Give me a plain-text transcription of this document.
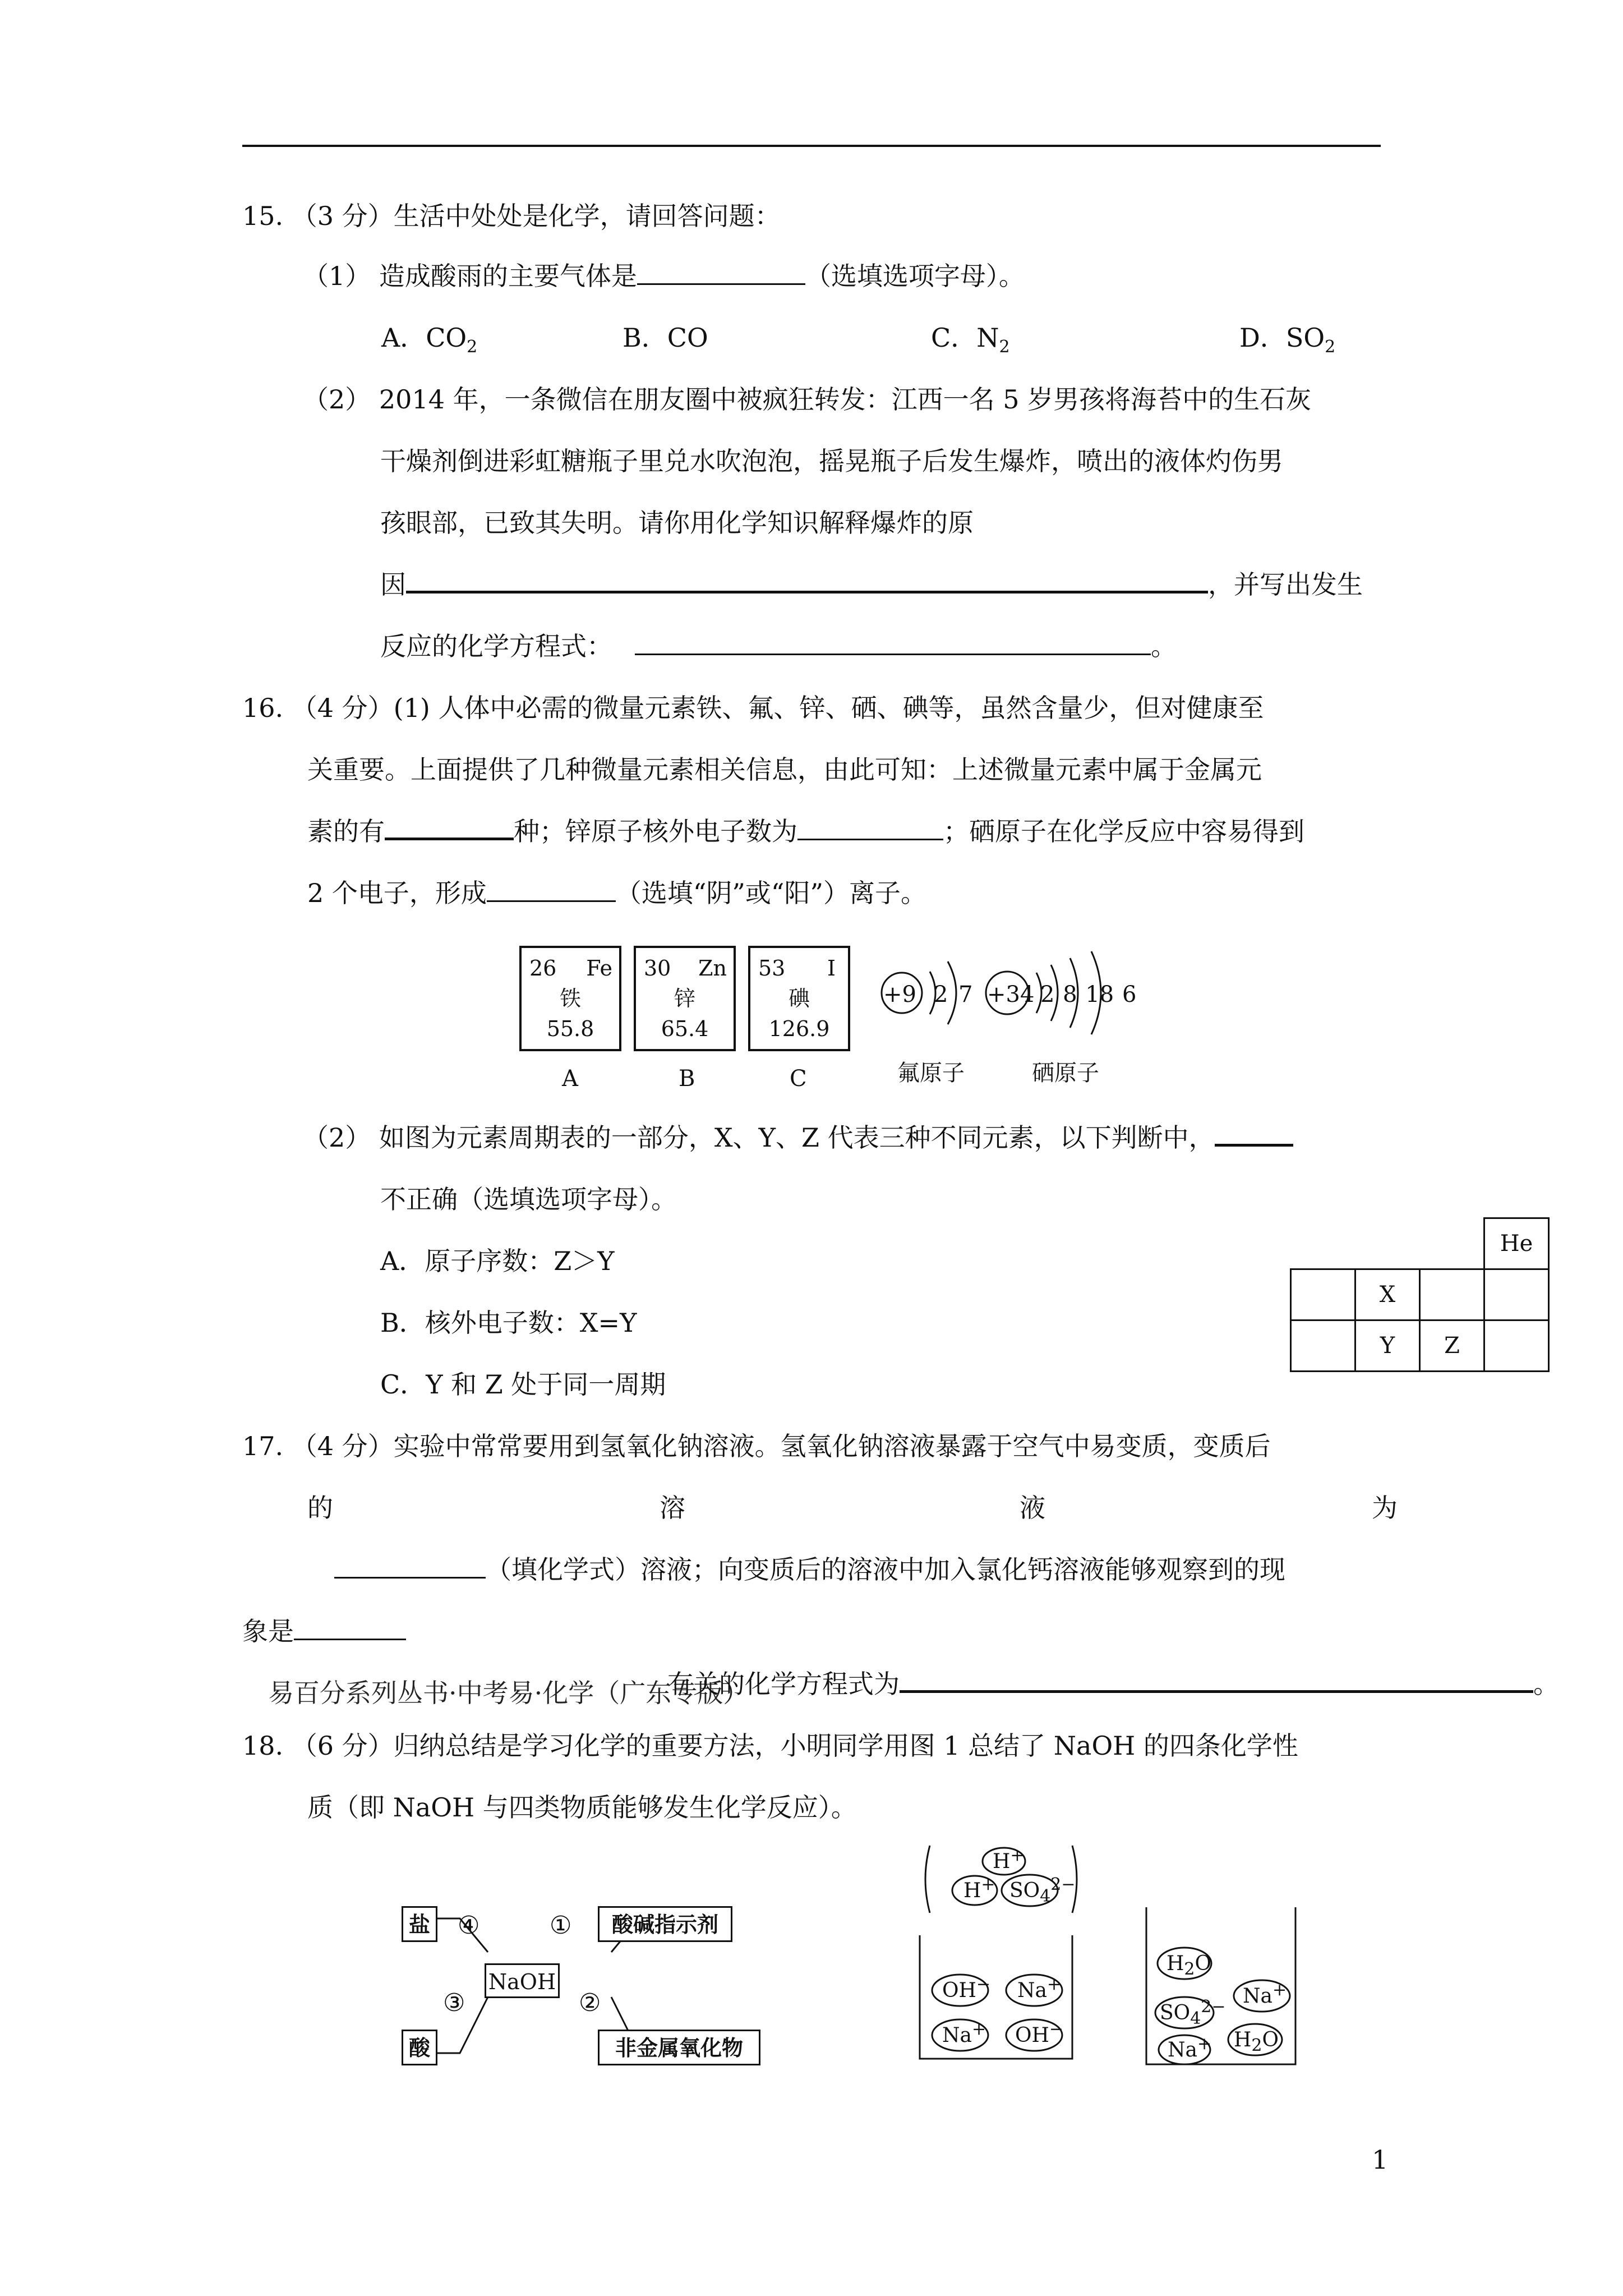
15. （3 分）生活中处处是化学，请回答问题：
（1） 造成酸雨的主要气体是	（选填选项字母）。
A．$CO_2$	B．CO	C．$N_2$	D．$SO_2$
（2） 2014 年，一条微信在朋友圈中被疯狂转发：江西一名 5 岁男孩将海苔中的生石灰
干燥剂倒进彩虹糖瓶子里兑水吹泡泡，摇晃瓶子后发生爆炸，喷出的液体灼伤男
孩眼部，已致其失明。请你用化学知识解释爆炸的原
因	，并写出发生
反应的化学方程式：	。
16. （4 分）(1) 人体中必需的微量元素铁、氟、锌、硒、碘等，虽然含量少，但对健康至
关重要。上面提供了几种微量元素相关信息，由此可知：上述微量元素中属于金属元
素的有	种；锌原子核外电子数为	；硒原子在化学反应中容易得到
2 个电子，形成	（选填“阴”或“阳”）离子。
26 Fe
铁
55.8
30 Zn
锌
65.4
53 I
碘
126.9
A	B	C
+9 2 7 +34 2 8 18 6
氟原子	硒原子
（2） 如图为元素周期表的一部分，X、Y、Z 代表三种不同元素，以下判断中，
不正确（选填选项字母）。
A．原子序数：Z＞Y
B．核外电子数：X=Y
C．Y 和 Z 处于同一周期
			He
	X		
	Y	Z	
17. （4 分）实验中常常要用到氢氧化钠溶液。氢氧化钠溶液暴露于空气中易变质，变质后
的	溶	液	为
（填化学式）溶液；向变质后的溶液中加入氯化钙溶液能够观察到的现
象是
易百分系列丛书·中考易·化学（广东专版）
有关的化学方程式为	。
18. （6 分）归纳总结是学习化学的重要方法，小明同学用图 1 总结了 NaOH 的四条化学性
质（即 NaOH 与四类物质能够发生化学反应）。
盐	酸碱指示剂
NaOH
酸	非金属氧化物
④	①
③	②
H+
H+ $SO_4^{2-}$
OH− Na+
Na+ OH−
$H_2O$
Na+
$SO_4^{2-}$
Na+ $H_2O$
1
